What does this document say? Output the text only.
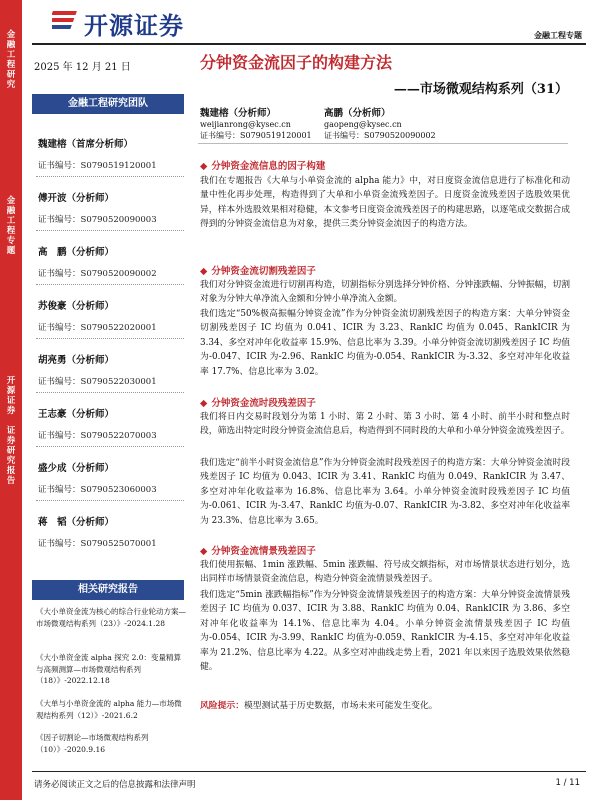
金
融
工
程
研
究
金
融
工
程
专
题
开
源
证
券
证
券
研
究
报
告
开源证券	金融工程专题
2025 年 12 月 21 日	分钟资金流因子的构建方法
——市场微观结构系列（31）
金融工程研究团队
魏建榕（首席分析师）
证书编号：S0790519120001
傅开波（分析师）
证书编号：S0790520090003
高　鹏（分析师）
证书编号：S0790520090002
苏俊豪（分析师）
证书编号：S0790522020001
胡亮勇（分析师）
证书编号：S0790522030001
王志豪（分析师）
证书编号：S0790522070003
盛少成（分析师）
证书编号：S0790523060003
蒋　韬（分析师）
证书编号：S0790525070001
相关研究报告
《大小单资金流为核心的综合行业轮动方案—市场微观结构系列（23）》-2024.1.28
《大小单资金流 alpha 探究 2.0：变量精算与高频测算—市场微观结构系列（18）》-2022.12.18
《大单与小单资金流的 alpha 能力—市场微观结构系列（12）》-2021.6.2
《因子切割论—市场微观结构系列（10）》-2020.9.16
魏建榕（分析师）
weijianrong@kysec.cn
证书编号：S0790519120001
高鹏（分析师）
gaopeng@kysec.cn
证书编号：S0790520090002
◆ 分钟资金流信息的因子构建
我们在专题报告《大单与小单资金流的 alpha 能力》中，对日度资金流信息进行了标准化和动量中性化再步处理，构造得到了大单和小单资金流残差因子。日度资金流残差因子选股效果优异，样本外选股效果相对稳健，本文参考日度资金流残差因子的构建思路，以逐笔成交数据合成得到的分钟资金流信息为对象，提供三类分钟资金流因子的构造方法。
◆ 分钟资金流切割残差因子
我们对分钟资金流进行切割再构造，切割指标分别选择分钟价格、分钟涨跌幅、分钟振幅，切割对象为分钟大单净流入金额和分钟小单净流入金额。
我们选定“50%极高振幅分钟资金流”作为分钟资金流切割残差因子的构造方案：大单分钟资金切割残差因子 IC 均值为 0.041、ICIR 为 3.23、RankIC 均值为 0.045、RankICIR 为 3.34、多空对冲年化收益率 15.9%、信息比率为 3.39。小单分钟资金流切割残差因子 IC 均值为-0.047、ICIR 为-2.96、RankIC 均值为-0.054、RankICIR 为-3.32、多空对冲年化收益率 17.7%、信息比率为 3.02。
◆ 分钟资金流时段残差因子
我们将日内交易时段划分为第 1 小时、第 2 小时、第 3 小时、第 4 小时、前半小时和整点时段，筛选出特定时段分钟资金流信息后，构造得到不同时段的大单和小单分钟资金流残差因子。
我们选定“前半小时资金流信息”作为分钟资金流时段残差因子的构造方案：大单分钟资金流时段残差因子 IC 均值为 0.043、ICIR 为 3.41、RankIC 均值为 0.049、RankICIR 为 3.47、多空对冲年化收益率为 16.8%、信息比率为 3.64。小单分钟资金流时段残差因子 IC 均值为-0.061、ICIR 为-3.47、RankIC 均值为-0.07、RankICIR 为-3.82、多空对冲年化收益率为 23.3%、信息比率为 3.65。
◆ 分钟资金流情景残差因子
我们使用振幅、1min 涨跌幅、5min 涨跌幅、符号成交额指标，对市场情景状态进行划分，选出同样市场情景资金流信息，构造分钟资金流情景残差因子。
我们选定“5min 涨跌幅指标”作为分钟资金流情景残差因子的构造方案：大单分钟资金流情景残差因子 IC 均值为 0.037、ICIR 为 3.88、RankIC 均值为 0.04、RankICIR 为 3.86、多空对冲年化收益率为 14.1%、信息比率为 4.04。小单分钟资金流情景残差因子 IC 均值为-0.054、ICIR 为-3.99、RankIC 均值为-0.059、RankICIR 为-4.15、多空对冲年化收益率为 21.2%、信息比率为 4.22。从多空对冲曲线走势上看，2021 年以来因子选股效果依然稳健。
风险提示：模型测试基于历史数据，市场未来可能发生变化。
请务必阅读正文之后的信息披露和法律声明	1 / 11
